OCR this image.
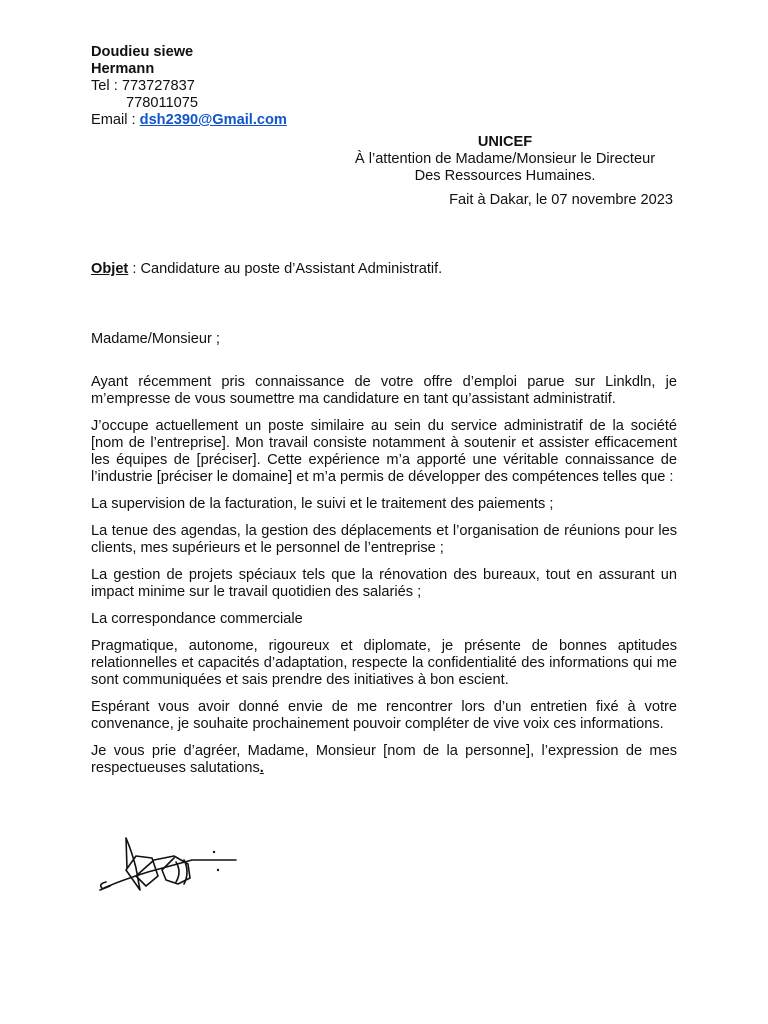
Doudieu siewe
Hermann
Tel : 773727837
778011075
Email : dsh2390@Gmail.com
UNICEF
À l’attention de Madame/Monsieur le Directeur
Des Ressources Humaines.
Fait à Dakar, le 07 novembre 2023
Objet : Candidature au poste d’Assistant Administratif.
Madame/Monsieur ;

Ayant récemment pris connaissance de votre offre d’emploi parue sur Linkdln, je m’empresse de vous soumettre ma candidature en tant qu’assistant administratif.

J’occupe actuellement un poste similaire au sein du service administratif de la société [nom de l’entreprise]. Mon travail consiste notamment à soutenir et assister efficacement les équipes de [préciser]. Cette expérience m’a apporté une véritable connaissance de l’industrie [préciser le domaine] et m’a permis de développer des compétences telles que :

La supervision de la facturation, le suivi et le traitement des paiements ;

La tenue des agendas, la gestion des déplacements et l’organisation de réunions pour les clients, mes supérieurs et le personnel de l’entreprise ;

La gestion de projets spéciaux tels que la rénovation des bureaux, tout en assurant un impact minime sur le travail quotidien des salariés ;

La correspondance commerciale

Pragmatique, autonome, rigoureux et diplomate, je présente de bonnes aptitudes relationnelles et capacités d’adaptation, respecte la confidentialité des informations qui me sont communiquées et sais prendre des initiatives à bon escient.

Espérant vous avoir donné envie de me rencontrer lors d’un entretien fixé à votre convenance, je souhaite prochainement pouvoir compléter de vive voix ces informations.

Je vous prie d’agréer, Madame, Monsieur [nom de la personne], l’expression de mes respectueuses salutations.
